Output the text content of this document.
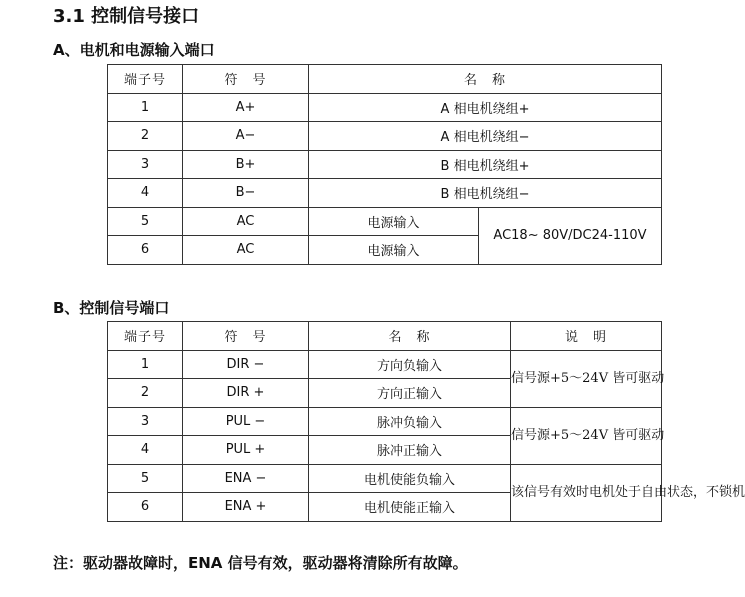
3.1 控制信号接口
A、电机和电源输入端口
端子号	符　号	名　称	
1	A+	A 相电机绕组+	
2	A−	A 相电机绕组−	
3	B+	B 相电机绕组+	
4	B−	B 相电机绕组−	
5	AC	电源输入	AC18~ 80V/DC24-110V
6	AC	电源输入	
B、控制信号端口
端子号	符　号	名　称	说　明
1	DIR −	方向负输入	信号源+5～24V 皆可驱动
2	DIR +	方向正输入	
3	PUL −	脉冲负输入	信号源+5～24V 皆可驱动
4	PUL +	脉冲正输入	
5	ENA −	电机使能负输入	该信号有效时电机处于自由状态，不锁机
6	ENA +	电机使能正输入	

注：驱动器故障时，ENA 信号有效，驱动器将清除所有故障。
